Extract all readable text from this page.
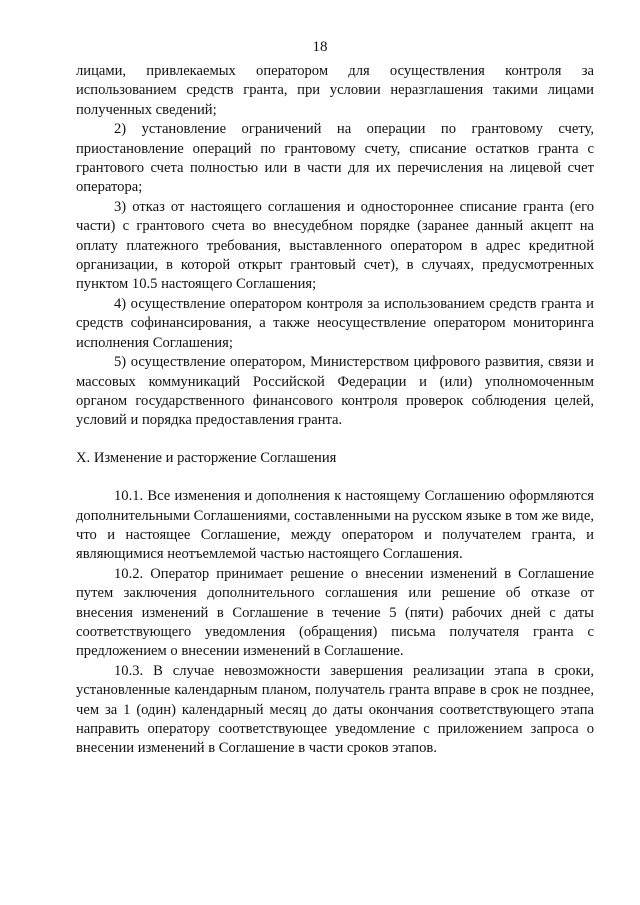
18

лицами, привлекаемых оператором для осуществления контроля за использованием средств гранта, при условии неразглашения такими лицами полученных сведений;

2) установление ограничений на операции по грантовому счету, приостановление операций по грантовому счету, списание остатков гранта с грантового счета полностью или в части для их перечисления на лицевой счет оператора;

3) отказ от настоящего соглашения и одностороннее списание гранта (его части) с грантового счета во внесудебном порядке (заранее данный акцепт на оплату платежного требования, выставленного оператором в адрес кредитной организации, в которой открыт грантовый счет), в случаях, предусмотренных пунктом 10.5 настоящего Соглашения;

4) осуществление оператором контроля за использованием средств гранта и средств софинансирования, а также неосуществление оператором мониторинга исполнения Соглашения;

5) осуществление оператором, Министерством цифрового развития, связи и массовых коммуникаций Российской Федерации и (или) уполномоченным органом государственного финансового контроля проверок соблюдения целей, условий и порядка предоставления гранта.

X. Изменение и расторжение Соглашения

10.1. Все изменения и дополнения к настоящему Соглашению оформляются дополнительными Соглашениями, составленными на русском языке в том же виде, что и настоящее Соглашение, между оператором и получателем гранта, и являющимися неотъемлемой частью настоящего Соглашения.

10.2. Оператор принимает решение о внесении изменений в Соглашение путем заключения дополнительного соглашения или решение об отказе от внесения изменений в Соглашение в течение 5 (пяти) рабочих дней с даты соответствующего уведомления (обращения) письма получателя гранта с предложением о внесении изменений в Соглашение.

10.3. В случае невозможности завершения реализации этапа в сроки, установленные календарным планом, получатель гранта вправе в срок не позднее, чем за 1 (один) календарный месяц до даты окончания соответствующего этапа направить оператору соответствующее уведомление с приложением запроса о внесении изменений в Соглашение в части сроков этапов.
